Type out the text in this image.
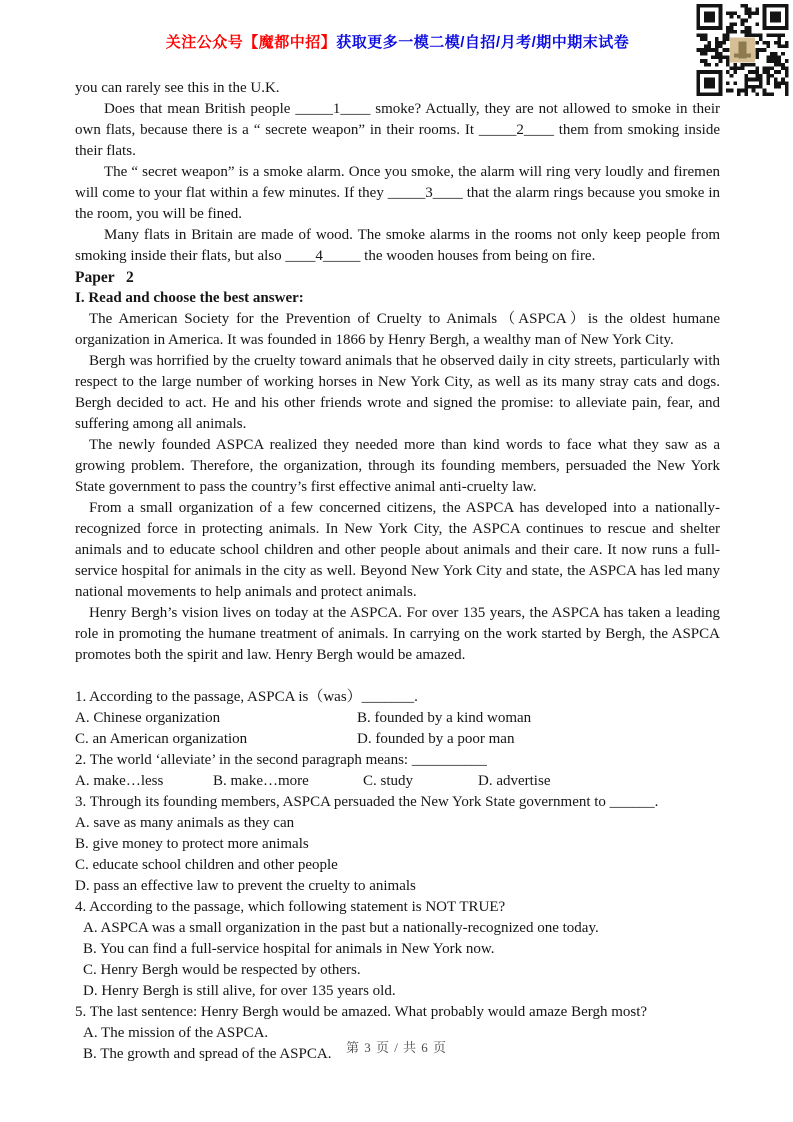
关注公众号【魔都中招】获取更多一模二模/自招/月考/期中期末试卷

you can rarely see this in the U.K.

Does that mean British people _____1____ smoke? Actually, they are not allowed to smoke in their own flats, because there is a “ secrete weapon” in their rooms. It _____2____ them from smoking inside their flats.

The “ secret weapon” is a smoke alarm. Once you smoke, the alarm will ring very loudly and firemen will come to your flat within a few minutes. If they _____3____ that the alarm rings because you smoke in the room, you will be fined.

Many flats in Britain are made of wood. The smoke alarms in the rooms not only keep people from smoking inside their flats, but also ____4_____ the wooden houses from being on fire.

Paper   2

I. Read and choose the best answer:

The American Society for the Prevention of Cruelty to Animals（ASPCA）is the oldest humane organization in America. It was founded in 1866 by Henry Bergh, a wealthy man of New York City.

Bergh was horrified by the cruelty toward animals that he observed daily in city streets, particularly with respect to the large number of working horses in New York City, as well as its many stray cats and dogs. Bergh decided to act. He and his other friends wrote and signed the promise: to alleviate pain, fear, and suffering among all animals.

The newly founded ASPCA realized they needed more than kind words to face what they saw as a growing problem. Therefore, the organization, through its founding members, persuaded the New York State government to pass the country’s first effective animal anti-cruelty law.

From a small organization of a few concerned citizens, the ASPCA has developed into a nationally-recognized force in protecting animals. In New York City, the ASPCA continues to rescue and shelter animals and to educate school children and other people about animals and their care. It now runs a full-service hospital for animals in the city as well. Beyond New York City and state, the ASPCA has led many national movements to help animals and protect animals.

Henry Bergh’s vision lives on today at the ASPCA. For over 135 years, the ASPCA has taken a leading role in promoting the humane treatment of animals. In carrying on the work started by Bergh, the ASPCA promotes both the spirit and law. Henry Bergh would be amazed.

1. According to the passage, ASPCA is（was）_______.

A. Chinese organization	B. founded by a kind woman

C. an American organization	D. founded by a poor man

2. The world ‘alleviate’ in the second paragraph means: __________

A. make…less	B. make…more	C. study	D. advertise

3. Through its founding members, ASPCA persuaded the New York State government to ______.

A. save as many animals as they can

B. give money to protect more animals

C. educate school children and other people

D. pass an effective law to prevent the cruelty to animals

4. According to the passage, which following statement is NOT TRUE?

A. ASPCA was a small organization in the past but a nationally-recognized one today.

B. You can find a full-service hospital for animals in New York now.

C. Henry Bergh would be respected by others.

D. Henry Bergh is still alive, for over 135 years old.

5. The last sentence: Henry Bergh would be amazed. What probably would amaze Bergh most?

A. The mission of the ASPCA.

B. The growth and spread of the ASPCA.	第 3 页 / 共 6 页
